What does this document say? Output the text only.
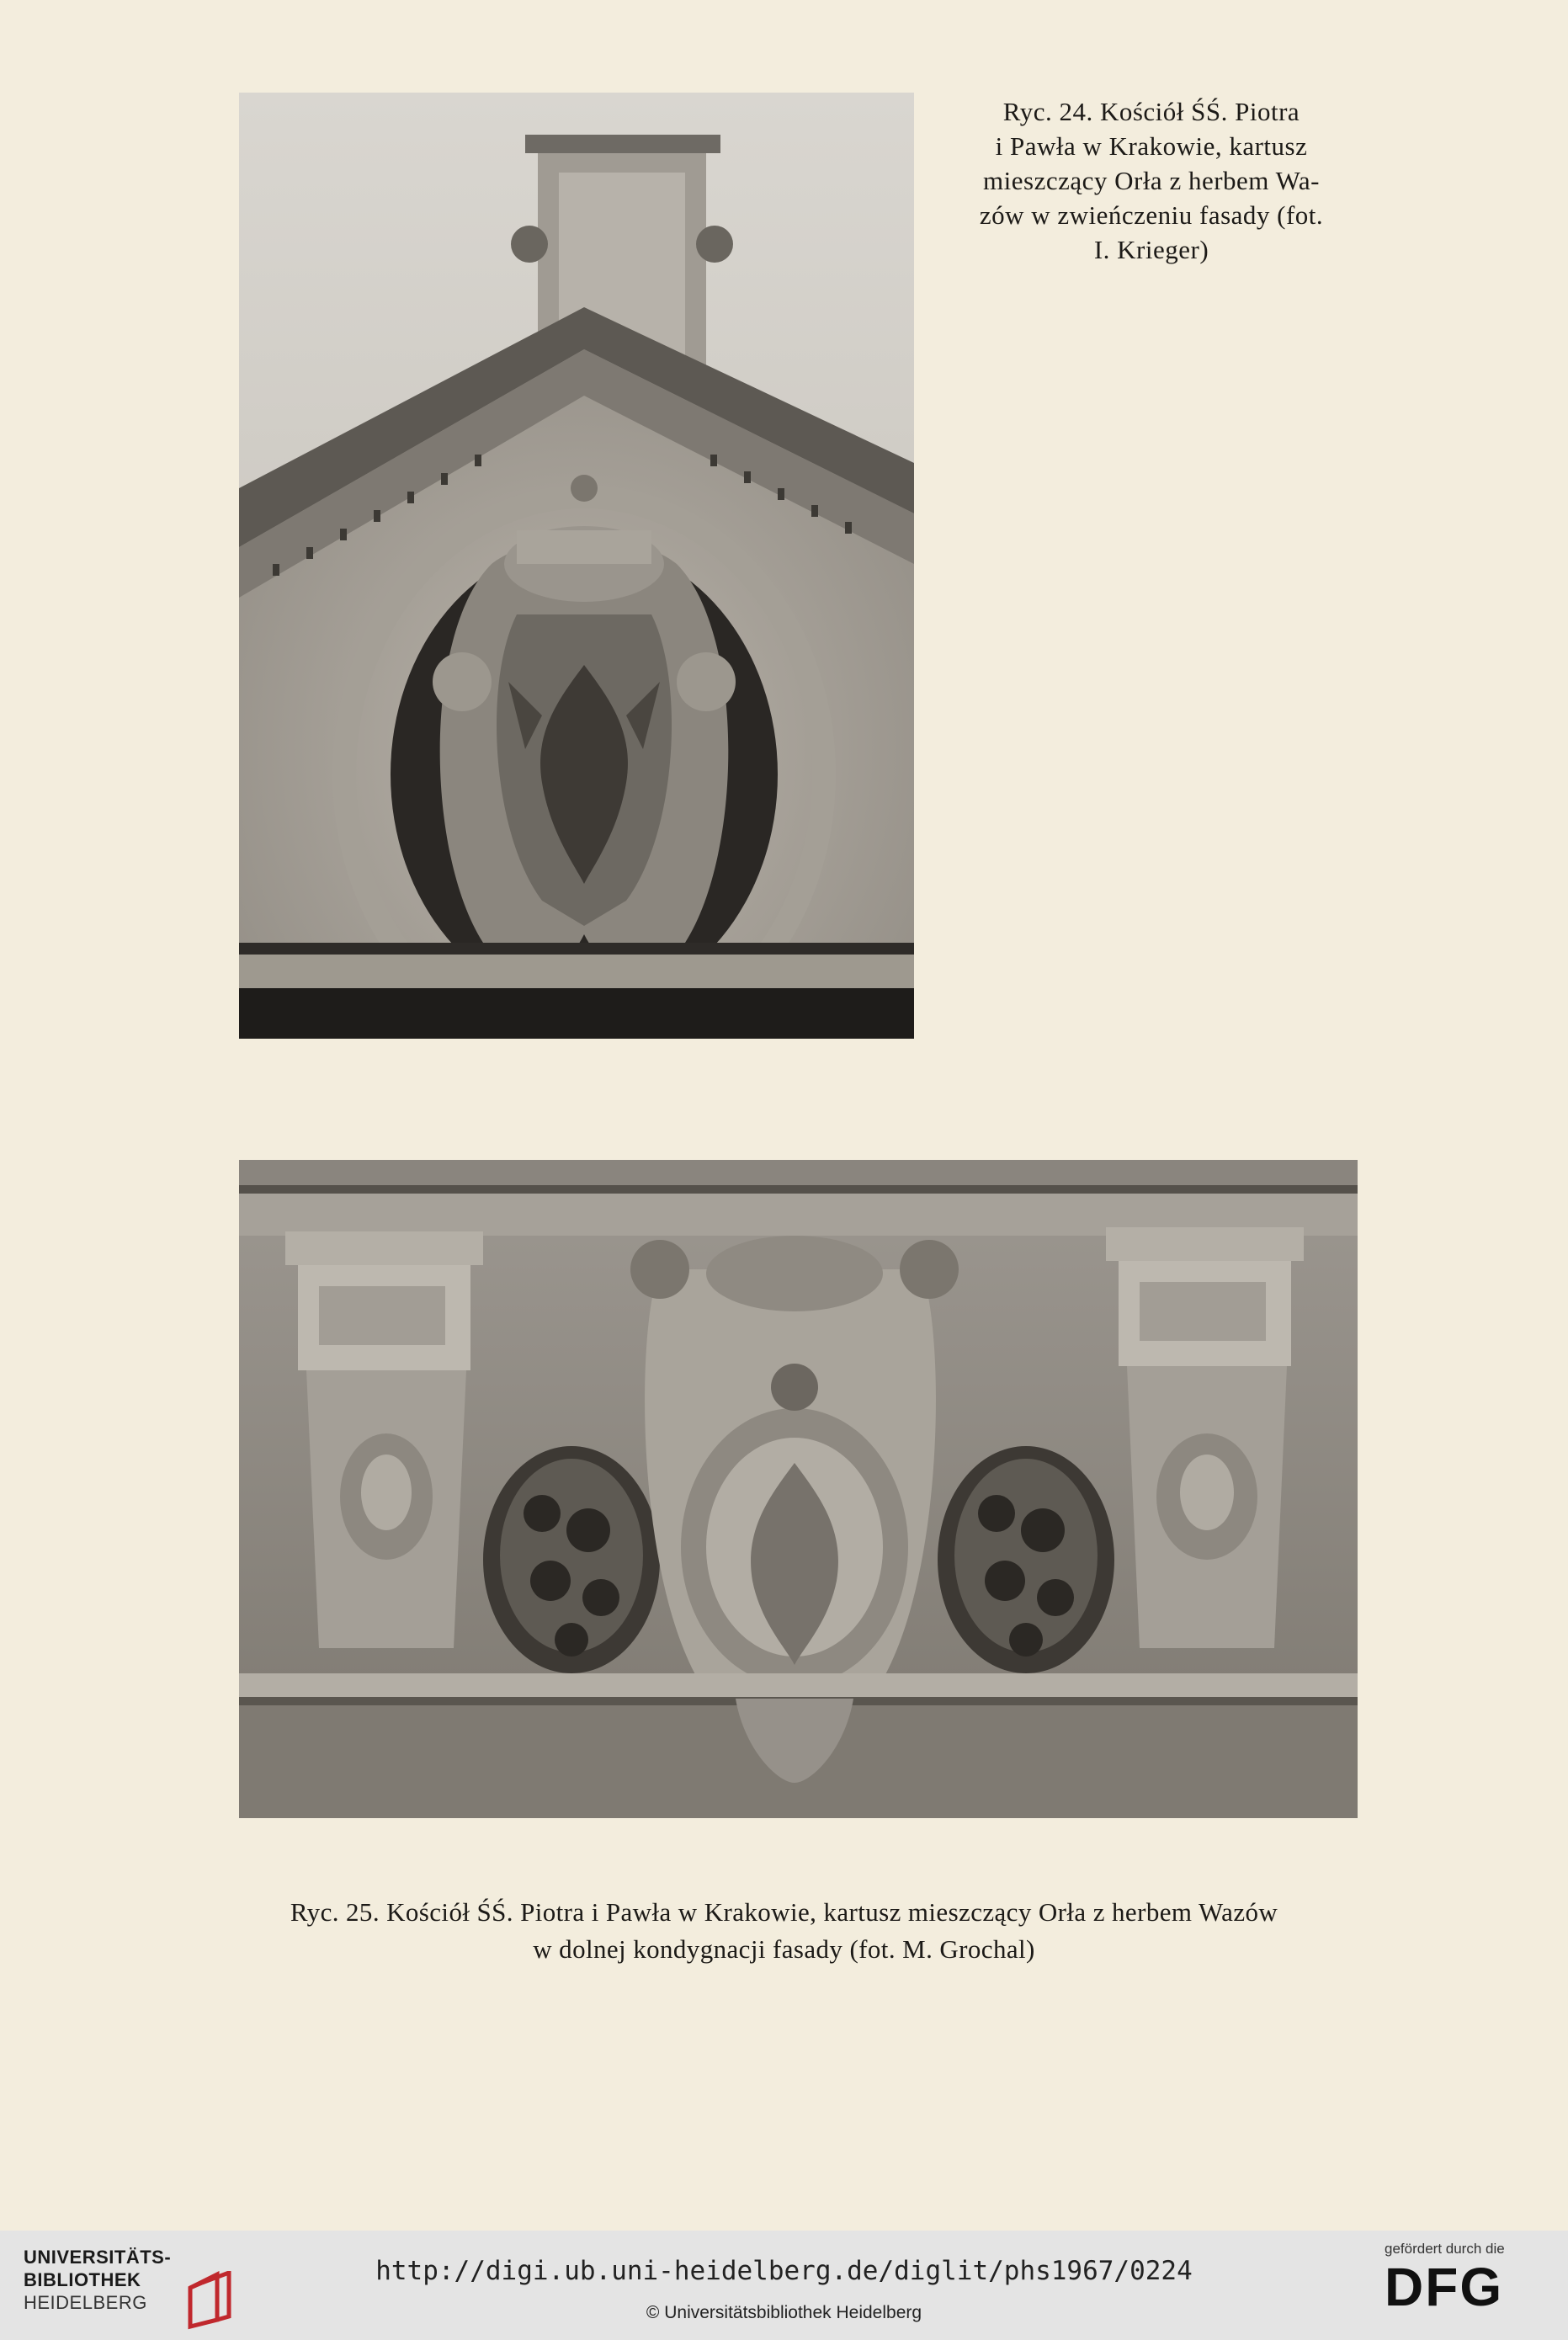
Ryc. 24. Kościół ŚŚ. Piotra
i Pawła w Krakowie, kartusz
mieszczący Orła z herbem Wa-
zów w zwieńczeniu fasady (fot.
I. Krieger)
Ryc. 25. Kościół ŚŚ. Piotra i Pawła w Krakowie, kartusz mieszczący Orła z herbem Wazów
w dolnej kondygnacji fasady (fot. M. Grochal)
UNIVERSITÄTS-
BIBLIOTHEK
HEIDELBERG
http://digi.ub.uni-heidelberg.de/diglit/phs1967/0224
© Universitätsbibliothek Heidelberg
gefördert durch die
DFG
